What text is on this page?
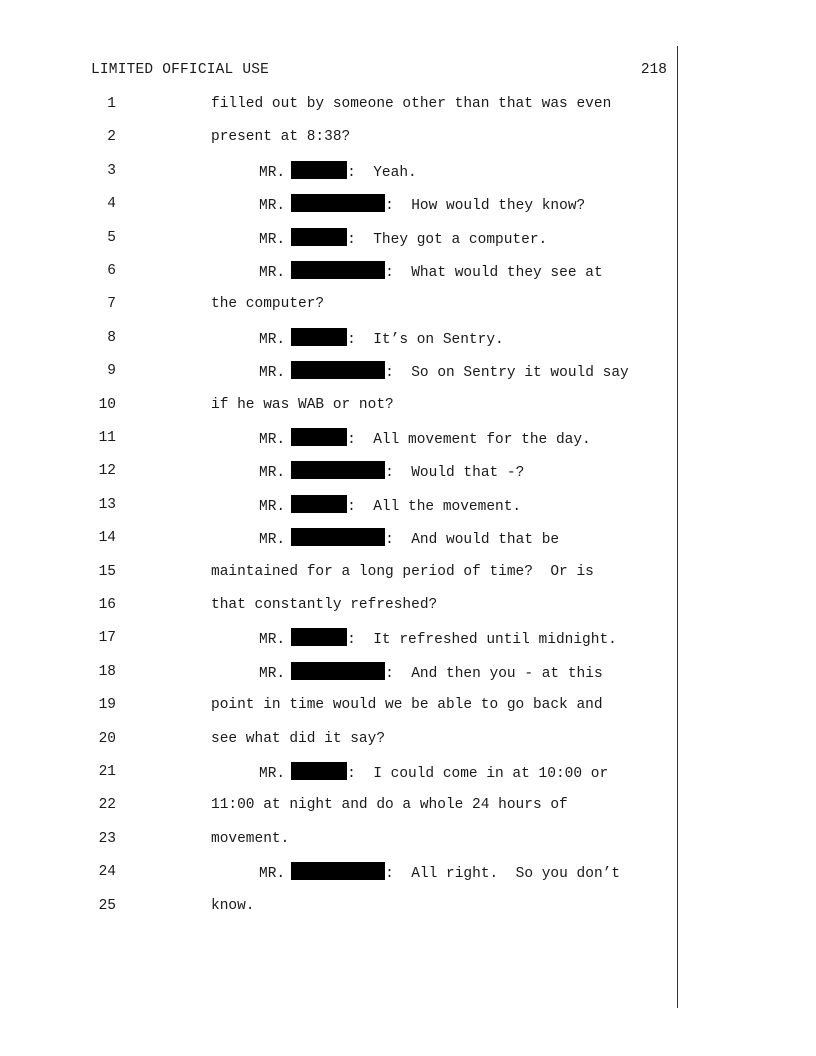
LIMITED OFFICIAL USE	218
1	filled out by someone other than that was even
2	present at 8:38?
3	MR.	:  Yeah.
4	MR.	:  How would they know?
5	MR.	:  They got a computer.
6	MR.	:  What would they see at
7	the computer?
8	MR.	:  It’s on Sentry.
9	MR.	:  So on Sentry it would say
10	if he was WAB or not?
11	MR.	:  All movement for the day.
12	MR.	:  Would that -?
13	MR.	:  All the movement.
14	MR.	:  And would that be
15	maintained for a long period of time?  Or is
16	that constantly refreshed?
17	MR.	:  It refreshed until midnight.
18	MR.	:  And then you - at this
19	point in time would we be able to go back and
20	see what did it say?
21	MR.	:  I could come in at 10:00 or
22	11:00 at night and do a whole 24 hours of
23	movement.
24	MR.	:  All right.  So you don’t
25	know.
